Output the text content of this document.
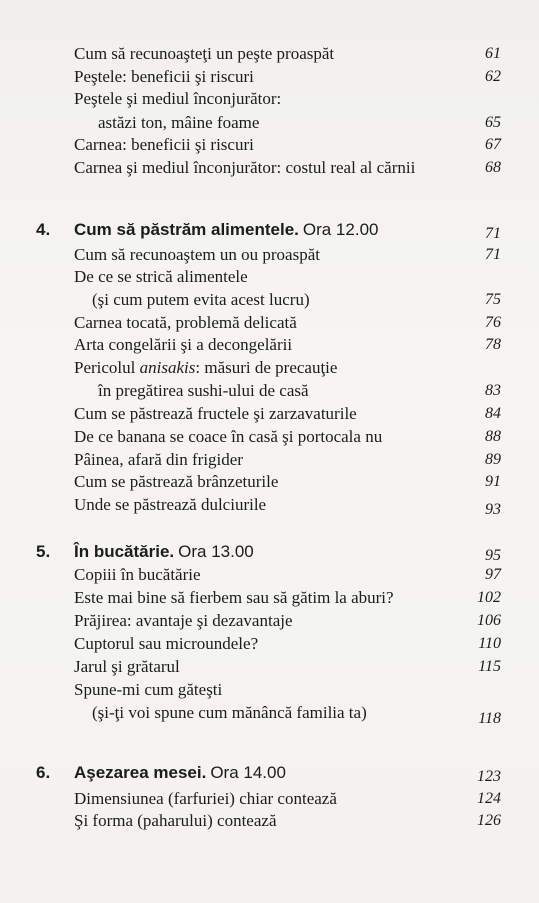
Cum să recunoaşteţi un peşte proaspăt	61
Peştele: beneficii şi riscuri	62
Peştele şi mediul înconjurător:
astăzi ton, mâine foame	65
Carnea: beneficii şi riscuri	67
Carnea şi mediul înconjurător: costul real al cărnii	68
4. Cum să păstrăm alimentele. Ora 12.00	71
Cum să recunoaştem un ou proaspăt	71
De ce se strică alimentele
(şi cum putem evita acest lucru)	75
Carnea tocată, problemă delicată	76
Arta congelării şi a decongelării	78
Pericolul anisakis: măsuri de precauţie
în pregătirea sushi-ului de casă	83
Cum se păstrează fructele şi zarzavaturile	84
De ce banana se coace în casă şi portocala nu	88
Pâinea, afară din frigider	89
Cum se păstrează brânzeturile	91
Unde se păstrează dulciurile	93
5. În bucătărie. Ora 13.00	95
Copiii în bucătărie	97
Este mai bine să fierbem sau să gătim la aburi?	102
Prăjirea: avantaje şi dezavantaje	106
Cuptorul sau microundele?	110
Jarul şi grătarul	115
Spune-mi cum găteşti
(şi-ţi voi spune cum mănâncă familia ta)	118
6. Aşezarea mesei. Ora 14.00	123
Dimensiunea (farfuriei) chiar contează	124
Şi forma (paharului) contează	126
